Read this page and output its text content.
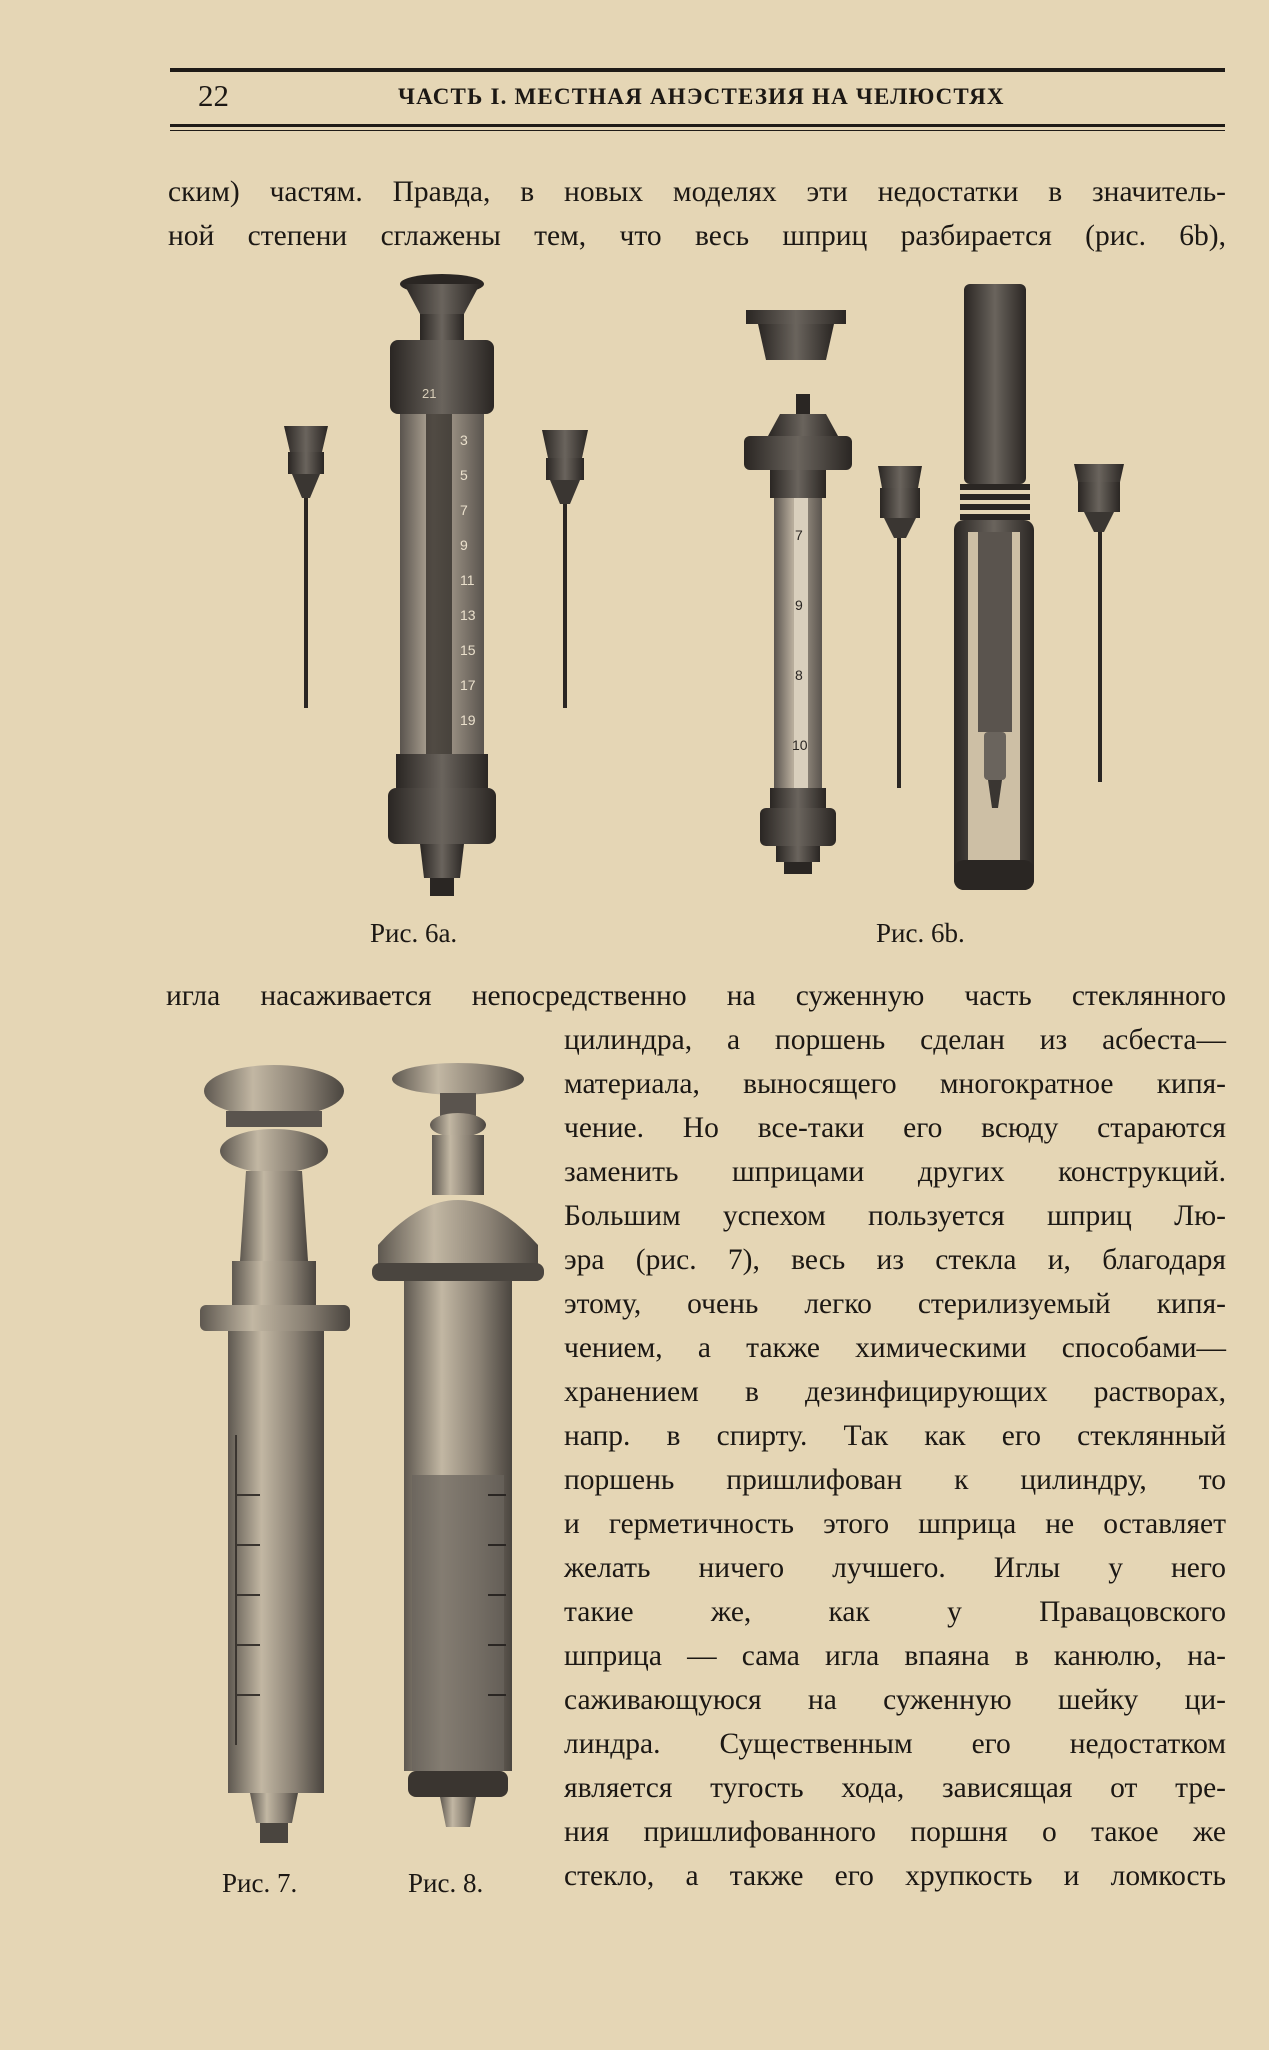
22	ЧАСТЬ I. МЕСТНАЯ АНЭСТЕЗИЯ НА ЧЕЛЮСТЯХ
ским) частям. Правда, в новых моделях эти недостатки в значитель-
ной степени сглажены тем, что весь шприц разбирается (рис. 6b),
21
3
5
7
9
11
13
15
17
19
Рис. 6а.
7
9
8
10
Рис. 6b.
игла насаживается непосредственно на суженную часть стеклянного
Рис. 7.	Рис. 8.
цилиндра, а поршень сделан из асбеста—
материала, выносящего многократное кипя-
чение. Но все-таки его всюду стараются
заменить шприцами других конструкций.
Большим успехом пользуется шприц Лю-
эра (рис. 7), весь из стекла и, благодаря
этому, очень легко стерилизуемый кипя-
чением, а также химическими способами—
хранением в дезинфицирующих растворах,
напр. в спирту. Так как его стеклянный
поршень пришлифован к цилиндру, то
и герметичность этого шприца не оставляет
желать ничего лучшего. Иглы у него
такие же, как у Правацовского
шприца — сама игла впаяна в канюлю, на-
саживающуюся на суженную шейку ци-
линдра. Существенным его недостатком
является тугость хода, зависящая от тре-
ния пришлифованного поршня о такое же
стекло, а также его хрупкость и ломкость
